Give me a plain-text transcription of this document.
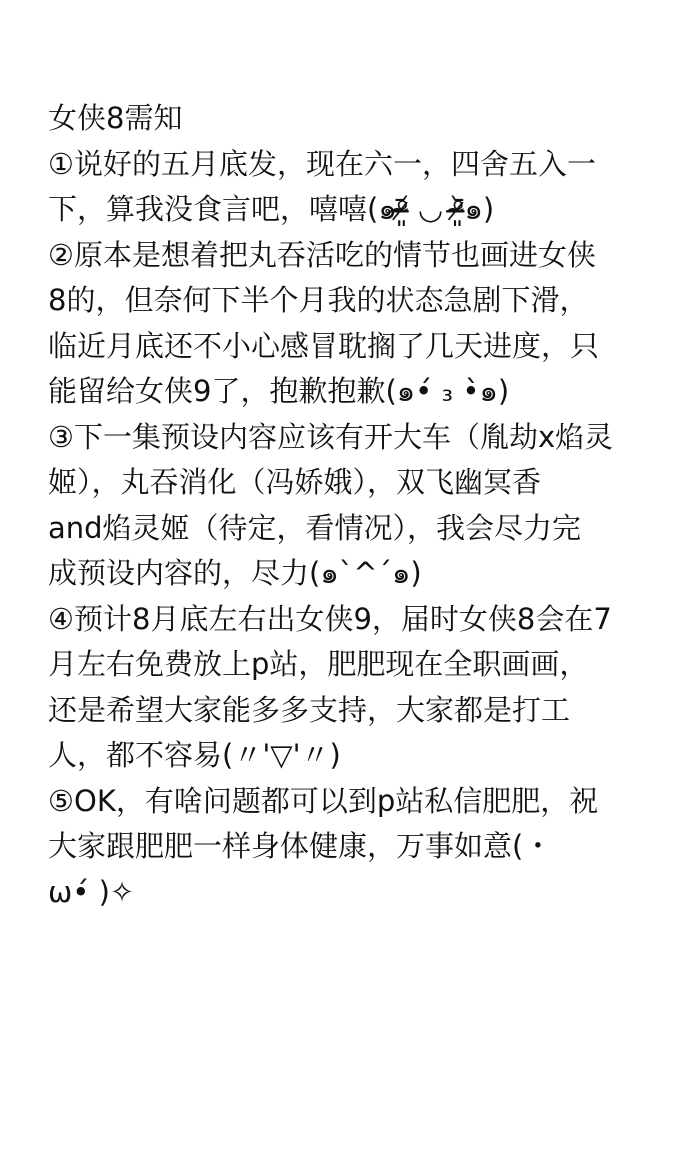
女侠8需知
①说好的五月底发，现在六一，四舍五入一
下，算我没食言吧，嘻嘻(๑ᵒ̴̶̷͈᷄ ◡ ᵒ̴̶̷͈᷅๑)
②原本是想着把丸吞活吃的情节也画进女侠
8的，但奈何下半个月我的状态急剧下滑，
临近月底还不小心感冒耽搁了几天进度，只
能留给女侠9了，抱歉抱歉(๑•́ ₃ •̀๑)
③下一集预设内容应该有开大车（胤劫x焰灵
姬），丸吞消化（冯娇娥），双飞幽冥香
and焰灵姬（待定，看情况），我会尽力完
成预设内容的，尽力(๑`^´๑)
④预计8月底左右出女侠9，届时女侠8会在7
月左右免费放上p站，肥肥现在全职画画，
还是希望大家能多多支持，大家都是打工
人，都不容易(〃'▽'〃)
⑤OK，有啥问题都可以到p站私信肥肥，祝
大家跟肥肥一样身体健康，万事如意(・
ω•́ )✧
